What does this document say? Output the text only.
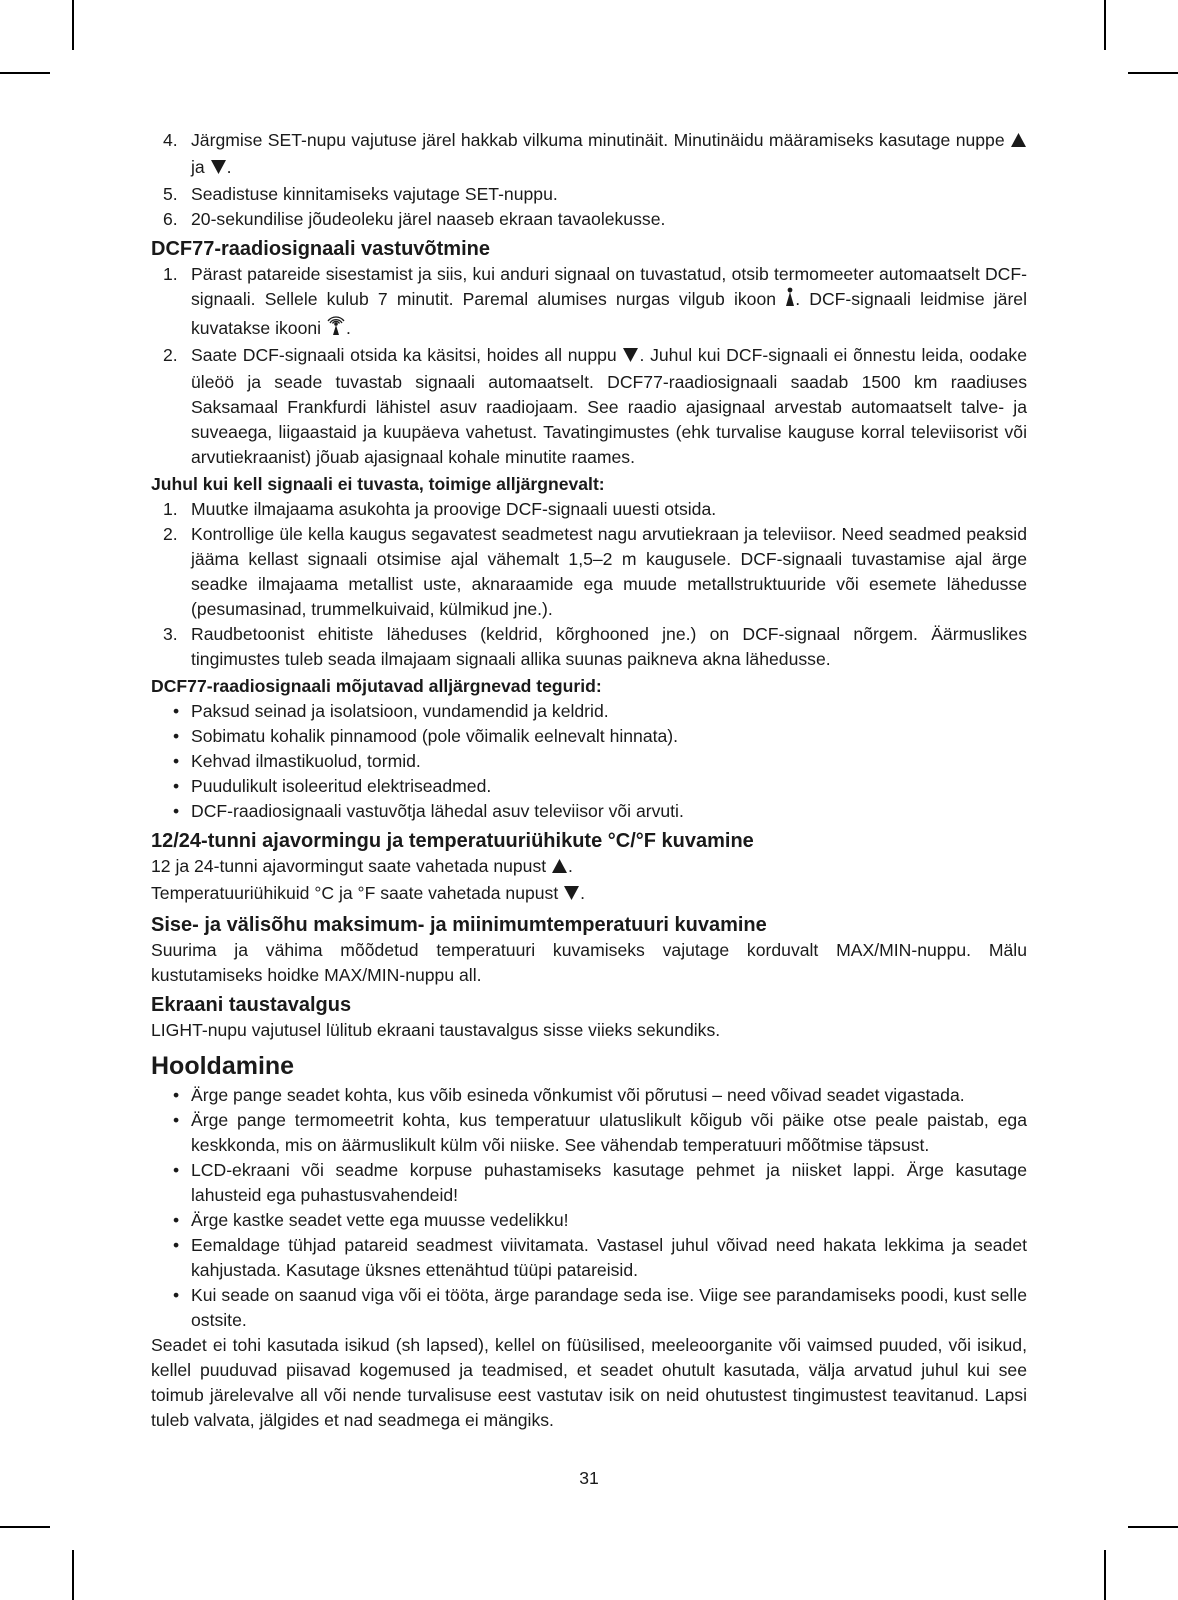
4. Järgmise SET-nupu vajutuse järel hakkab vilkuma minutinäit. Minutinäidu määramiseks kasutage nuppe  ja .
5. Seadistuse kinnitamiseks vajutage SET-nuppu.
6. 20-sekundilise jõudeoleku järel naaseb ekraan tavaolekusse.
DCF77-raadiosignaali vastuvõtmine
1. Pärast patareide sisestamist ja siis, kui anduri signaal on tuvastatud, otsib termomeeter automaatselt DCF-signaali. Sellele kulub 7 minutit. Paremal alumises nurgas vilgub ikoon . DCF-signaali leidmise järel kuvatakse ikooni .
2. Saate DCF-signaali otsida ka käsitsi, hoides all nuppu . Juhul kui DCF-signaali ei õnnestu leida, oodake üleöö ja seade tuvastab signaali automaatselt. DCF77-raadiosignaali saadab 1500 km raadiuses Saksamaal Frankfurdi lähistel asuv raadiojaam. See raadio ajasignaal arvestab automaatselt talve- ja suveaega, liigaastaid ja kuupäeva vahetust. Tavatingimustes (ehk turvalise kauguse korral televiisorist või arvutiekraanist) jõuab ajasignaal kohale minutite raames.
Juhul kui kell signaali ei tuvasta, toimige alljärgnevalt:
1. Muutke ilmajaama asukohta ja proovige DCF-signaali uuesti otsida.
2. Kontrollige üle kella kaugus segavatest seadmetest nagu arvutiekraan ja televiisor. Need seadmed peaksid jääma kellast signaali otsimise ajal vähemalt 1,5–2 m kaugusele. DCF-signaali tuvastamise ajal ärge seadke ilmajaama metallist uste, aknaraamide ega muude metallstruktuuride või esemete lähedusse (pesumasinad, trummelkuivaid, külmikud jne.).
3. Raudbetoonist ehitiste läheduses (keldrid, kõrghooned jne.) on DCF-signaal nõrgem. Äärmuslikes tingimustes tuleb seada ilmajaam signaali allika suunas paikneva akna lähedusse.
DCF77-raadiosignaali mõjutavad alljärgnevad tegurid:
• Paksud seinad ja isolatsioon, vundamendid ja keldrid.
• Sobimatu kohalik pinnamood (pole võimalik eelnevalt hinnata).
• Kehvad ilmastikuolud, tormid.
• Puudulikult isoleeritud elektriseadmed.
• DCF-raadiosignaali vastuvõtja lähedal asuv televiisor või arvuti.
12/24-tunni ajavormingu ja temperatuuriühikute °C/°F kuvamine

12 ja 24-tunni ajavormingut saate vahetada nupust .

Temperatuuriühikuid °C ja °F saate vahetada nupust .

Sise- ja välisõhu maksimum- ja miinimumtemperatuuri kuvamine

Suurima ja vähima mõõdetud temperatuuri kuvamiseks vajutage korduvalt MAX/MIN-nuppu. Mälu kustutamiseks hoidke MAX/MIN-nuppu all.

Ekraani taustavalgus

LIGHT-nupu vajutusel lülitub ekraani taustavalgus sisse viieks sekundiks.

Hooldamine
• Ärge pange seadet kohta, kus võib esineda võnkumist või põrutusi – need võivad seadet vigastada.
• Ärge pange termomeetrit kohta, kus temperatuur ulatuslikult kõigub või päike otse peale paistab, ega keskkonda, mis on äärmuslikult külm või niiske. See vähendab temperatuuri mõõtmise täpsust.
• LCD-ekraani või seadme korpuse puhastamiseks kasutage pehmet ja niisket lappi. Ärge kasutage lahusteid ega puhastusvahendeid!
• Ärge kastke seadet vette ega muusse vedelikku!
• Eemaldage tühjad patareid seadmest viivitamata. Vastasel juhul võivad need hakata lekkima ja seadet kahjustada. Kasutage üksnes ettenähtud tüüpi patareisid.
• Kui seade on saanud viga või ei tööta, ärge parandage seda ise. Viige see parandamiseks poodi, kust selle ostsite.

Seadet ei tohi kasutada isikud (sh lapsed), kellel on füüsilised, meeleoorganite või vaimsed puuded, või isikud, kellel puuduvad piisavad kogemused ja teadmised, et seadet ohutult kasutada, välja arvatud juhul kui see toimub järelevalve all või nende turvalisuse eest vastutav isik on neid ohutustest tingimustest teavitanud. Lapsi tuleb valvata, jälgides et nad seadmega ei mängiks.

31
